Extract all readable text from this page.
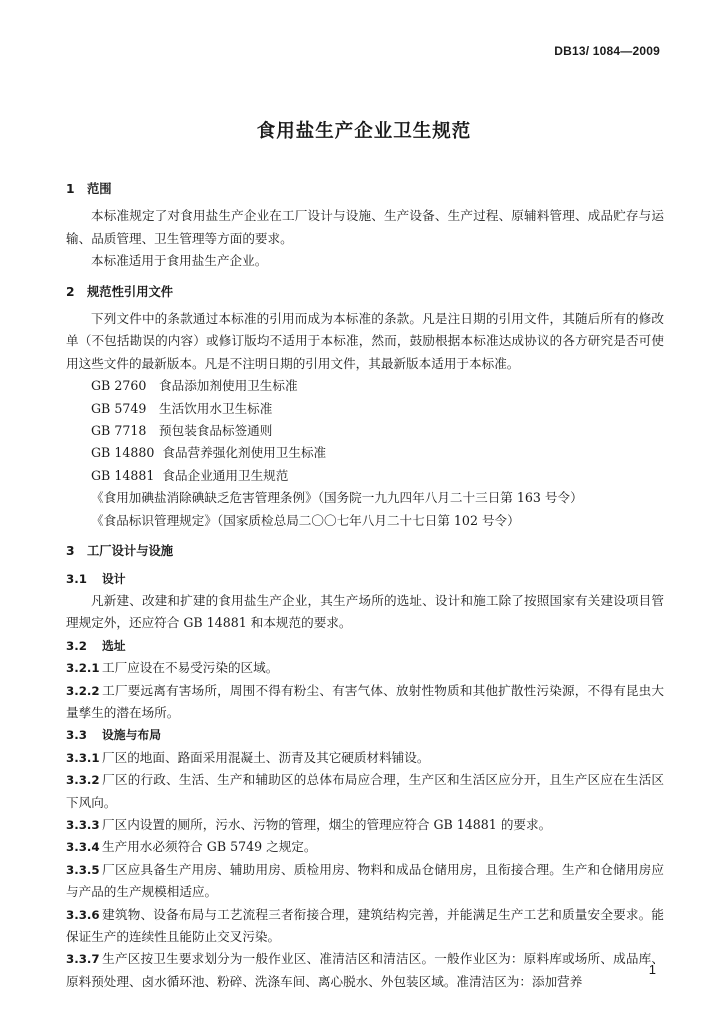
DB13/ 1084—2009
食用盐生产企业卫生规范
1 范围

本标准规定了对食用盐生产企业在工厂设计与设施、生产设备、生产过程、原辅料管理、成品贮存与运输、品质管理、卫生管理等方面的要求。

本标准适用于食用盐生产企业。

2 规范性引用文件

下列文件中的条款通过本标准的引用而成为本标准的条款。凡是注日期的引用文件，其随后所有的修改单（不包括勘误的内容）或修订版均不适用于本标准，然而，鼓励根据本标准达成协议的各方研究是否可使用这些文件的最新版本。凡是不注明日期的引用文件，其最新版本适用于本标准。

GB 2760 食品添加剂使用卫生标准

GB 5749 生活饮用水卫生标准

GB 7718 预包装食品标签通则

GB 14880 食品营养强化剂使用卫生标准

GB 14881 食品企业通用卫生规范

《食用加碘盐消除碘缺乏危害管理条例》（国务院一九九四年八月二十三日第 163 号令）

《食品标识管理规定》（国家质检总局二〇〇七年八月二十七日第 102 号令）

3 工厂设计与设施
3.1 设计

凡新建、改建和扩建的食用盐生产企业，其生产场所的选址、设计和施工除了按照国家有关建设项目管理规定外，还应符合 GB 14881 和本规范的要求。

3.2 选址

3.2.1 工厂应设在不易受污染的区域。

3.2.2 工厂要远离有害场所，周围不得有粉尘、有害气体、放射性物质和其他扩散性污染源，不得有昆虫大量孳生的潜在场所。

3.3 设施与布局

3.3.1 厂区的地面、路面采用混凝土、沥青及其它硬质材料铺设。

3.3.2 厂区的行政、生活、生产和辅助区的总体布局应合理，生产区和生活区应分开，且生产区应在生活区下风向。

3.3.3 厂区内设置的厕所，污水、污物的管理，烟尘的管理应符合 GB 14881 的要求。

3.3.4 生产用水必须符合 GB 5749 之规定。

3.3.5 厂区应具备生产用房、辅助用房、质检用房、物料和成品仓储用房，且衔接合理。生产和仓储用房应与产品的生产规模相适应。

3.3.6 建筑物、设备布局与工艺流程三者衔接合理，建筑结构完善，并能满足生产工艺和质量安全要求。能保证生产的连续性且能防止交叉污染。

3.3.7 生产区按卫生要求划分为一般作业区、准清洁区和清洁区。一般作业区为：原料库或场所、成品库、原料预处理、卤水循环池、粉碎、洗涤车间、离心脱水、外包装区域。准清洁区为：添加营养

1
